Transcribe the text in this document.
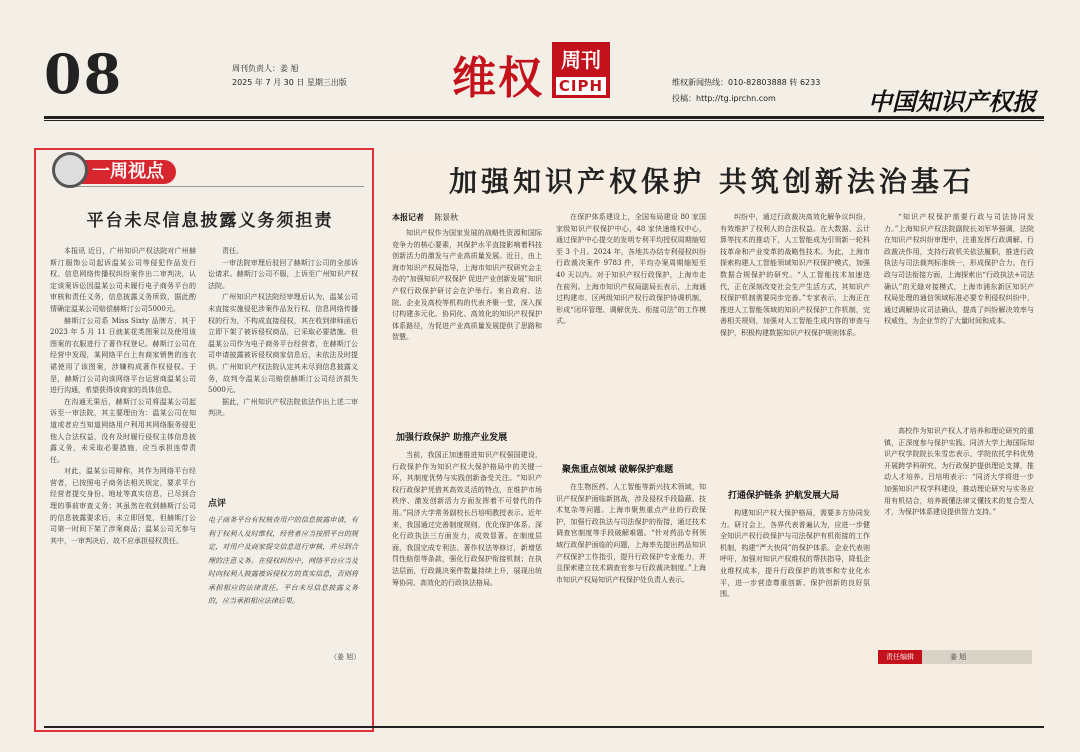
08	周刊负责人：姜 旭
2025 年 7 月 30 日 星期三出版 维权 周刊
CIPH	维权新闻热线：010-82803888 转 6233
投稿：http://tg.iprchn.com	中国知识产权报
一周视点
平台未尽信息披露义务须担责

本报讯 近日，广州知识产权法院对广州赫斯汀服饰公司起诉温某公司等侵犯作品发行权、信息网络传播权纠纷案作出二审判决，认定该案诉讼因温某公司未履行电子商务平台的审核和责任义务，信息披露义务所致，据此酌情确定温某公司赔偿赫斯汀公司5000元。

赫斯汀公司系 Miss Sixty 品牌方，其于 2023 年 5 月 11 日就某花类图案以及使用该图案的衣服进行了著作权登记。赫斯汀公司在经营中发现，某网络平台上有商家销售的连衣裙使用了该图案，涉嫌构成著作权侵权。于是，赫斯汀公司向该网络平台运营商温某公司进行沟通，希望获得该商家的具体信息。

在沟通无果后，赫斯汀公司将温某公司起诉至一审法院，其主要理由为：温某公司在知道或者应当知道网络用户利用其网络服务侵犯他人合法权益，没有及时履行侵权主体信息披露义务，未采取必要措施，应当承担连带责任。

对此，温某公司辩称，其作为网络平台经营者，已按照电子商务法相关规定，要求平台经营者提交身份、地址等真实信息，已尽到合理的事前审查义务；其虽然在收到赫斯汀公司的信息披露要求后，未立即回复，但赫斯汀公司第一时间下架了涉案商品；温某公司无参与其中，一审判决后，故不应承担侵权责任。

责任。

一审法院审理后驳回了赫斯汀公司的全部诉讼请求。赫斯汀公司不服，上诉至广州知识产权法院。

广州知识产权法院经审理后认为，温某公司未直接实施侵犯涉案作品发行权、信息网络传播权的行为，不构成直接侵权，其在收到律师函后立即下架了被诉侵权商品，已采取必要措施。但温某公司作为电子商务平台经营者，在赫斯汀公司申请披露被诉侵权商家信息后，未依法及时提供。广州知识产权法院认定其未尽到信息披露义务，故判令温某公司赔偿赫斯汀公司经济损失5000元。

据此，广州知识产权法院依法作出上述二审判决。

点评
电子商务平台有权核查用户的信息披露申请，有利于权利人及时维权，经营者应当按照平台的规定，对用户及商家提交信息进行审核，并尽到合理的注意义务。在侵权纠纷中，网络平台应当及时向权利人披露被诉侵权方的真实信息，否则将承担相应的法律责任。平台未尽信息披露义务的，应当承担相应法律后果。
（姜 旭）
加强知识产权保护 共筑创新法治基石
本报记者 陈景秋

知识产权作为国家发展的战略性资源和国际竞争力的核心要素，其保护水平直接影响着科技创新活力的激发与产业高质量发展。近日，由上海市知识产权局指导，上海市知识产权研究会主办的“加强知识产权保护 促进产业创新发展”知识产权行政保护研讨会在沪举行。来自政府、法院、企业及高校等机构的代表齐聚一堂，深入探讨构建多元化、协同化、高效化的知识产权保护体系路径，为促进产业高质量发展提供了思路和智慧。

加强行政保护 助推产业发展

当前，我国正加速推进知识产权强国建设，行政保护作为知识产权大保护格局中的关键一环，其制度优势与实践创新备受关注。“知识产权行政保护凭借其高效灵活的特点，在维护市场秩序、激发创新活力方面发挥着不可替代的作用。”同济大学常务副校长吕培明教授表示。近年来，我国通过完善制度规则、优化保护体系、深化行政执法三方面发力，成效显著。在制度层面，我国完成专利法、著作权法等修订，新增惩罚性赔偿等条款，强化行政保护衔接机制；在执法层面，行政裁决案件数量持续上升，展现出统筹协同、高效化的行政执法格局。

在保护体系建设上，全国布局建设 80 家国家级知识产权保护中心，48 家快速维权中心，通过保护中心提交的发明专利平均授权周期缩短至 3 个月。2024 年，各地共办结专利侵权纠纷行政裁决案件 9783 件，平均办案周期缩短至 40 天以内。对于知识产权行政保护，上海市走在前列。上海市知识产权局副局长表示，上海通过构建市、区两级知识产权行政保护协调机制，形成“闭环管理、调解优先、衔接司法”的工作模式。

聚焦重点领域 破解保护难题

在生物医药、人工智能等新兴技术领域，知识产权保护面临新挑战，涉及侵权手段隐蔽、技术复杂等问题。上海市聚焦重点产业的行政保护，加强行政执法与司法保护的衔接，通过技术调查官制度等手段破解难题。“针对药品专利领域行政保护面临的问题，上海率先提出药品知识产权保护工作指引，提升行政保护专业能力，并且探索建立技术调查官参与行政裁决制度。”上海市知识产权局知识产权保护处负责人表示。

纠纷中，通过行政裁决高效化解争议纠纷，有效维护了权利人的合法权益。在大数据、云计算等技术的推动下，人工智能成为引领新一轮科技革命和产业变革的战略性技术。为此，上海市探索构建人工智能领域知识产权保护模式，加强数据合规保护的研究。“人工智能技术加速迭代，正在深刻改变社会生产生活方式，其知识产权保护机制需要同步完善。”专家表示，上海正在推进人工智能领域的知识产权保护工作机制，完善相关规则，加强对人工智能生成内容的审查与保护，积极构建数据知识产权保护规则体系。

打通保护链条 护航发展大局

构建知识产权大保护格局，需要多方协同发力。研讨会上，各界代表普遍认为，应进一步健全知识产权行政保护与司法保护有机衔接的工作机制，构建“严大快同”的保护体系。企业代表则呼吁，加强对知识产权维权的帮扶指导，降低企业维权成本，提升行政保护的效率和专业化水平，进一步营造尊重创新、保护创新的良好氛围。

“知识产权保护需要行政与司法协同发力。”上海知识产权法院副院长刘军华强调，法院在知识产权纠纷审理中，注重发挥行政调解、行政裁决作用，支持行政机关依法履职，推进行政执法与司法裁判标准统一，形成保护合力。在行政与司法衔接方面，上海探索出“行政执法+司法确认”的无缝对接模式，上海市浦东新区知识产权局处理的通信领域标准必要专利侵权纠纷中，通过调解协议司法确认，提高了纠纷解决效率与权威性，为企业节约了大量时间和成本。

高校作为知识产权人才培养和理论研究的重镇，正深度参与保护实践。同济大学上海国际知识产权学院院长朱雪忠表示，学院依托学科优势开展跨学科研究，为行政保护提供理论支撑，推动人才培养。吕培明表示：“同济大学将进一步加强知识产权学科建设，推动理论研究与实务应用有机结合，培养既懂法律又懂技术的复合型人才，为保护体系建设提供智力支持。”

责任编辑	姜 旭
